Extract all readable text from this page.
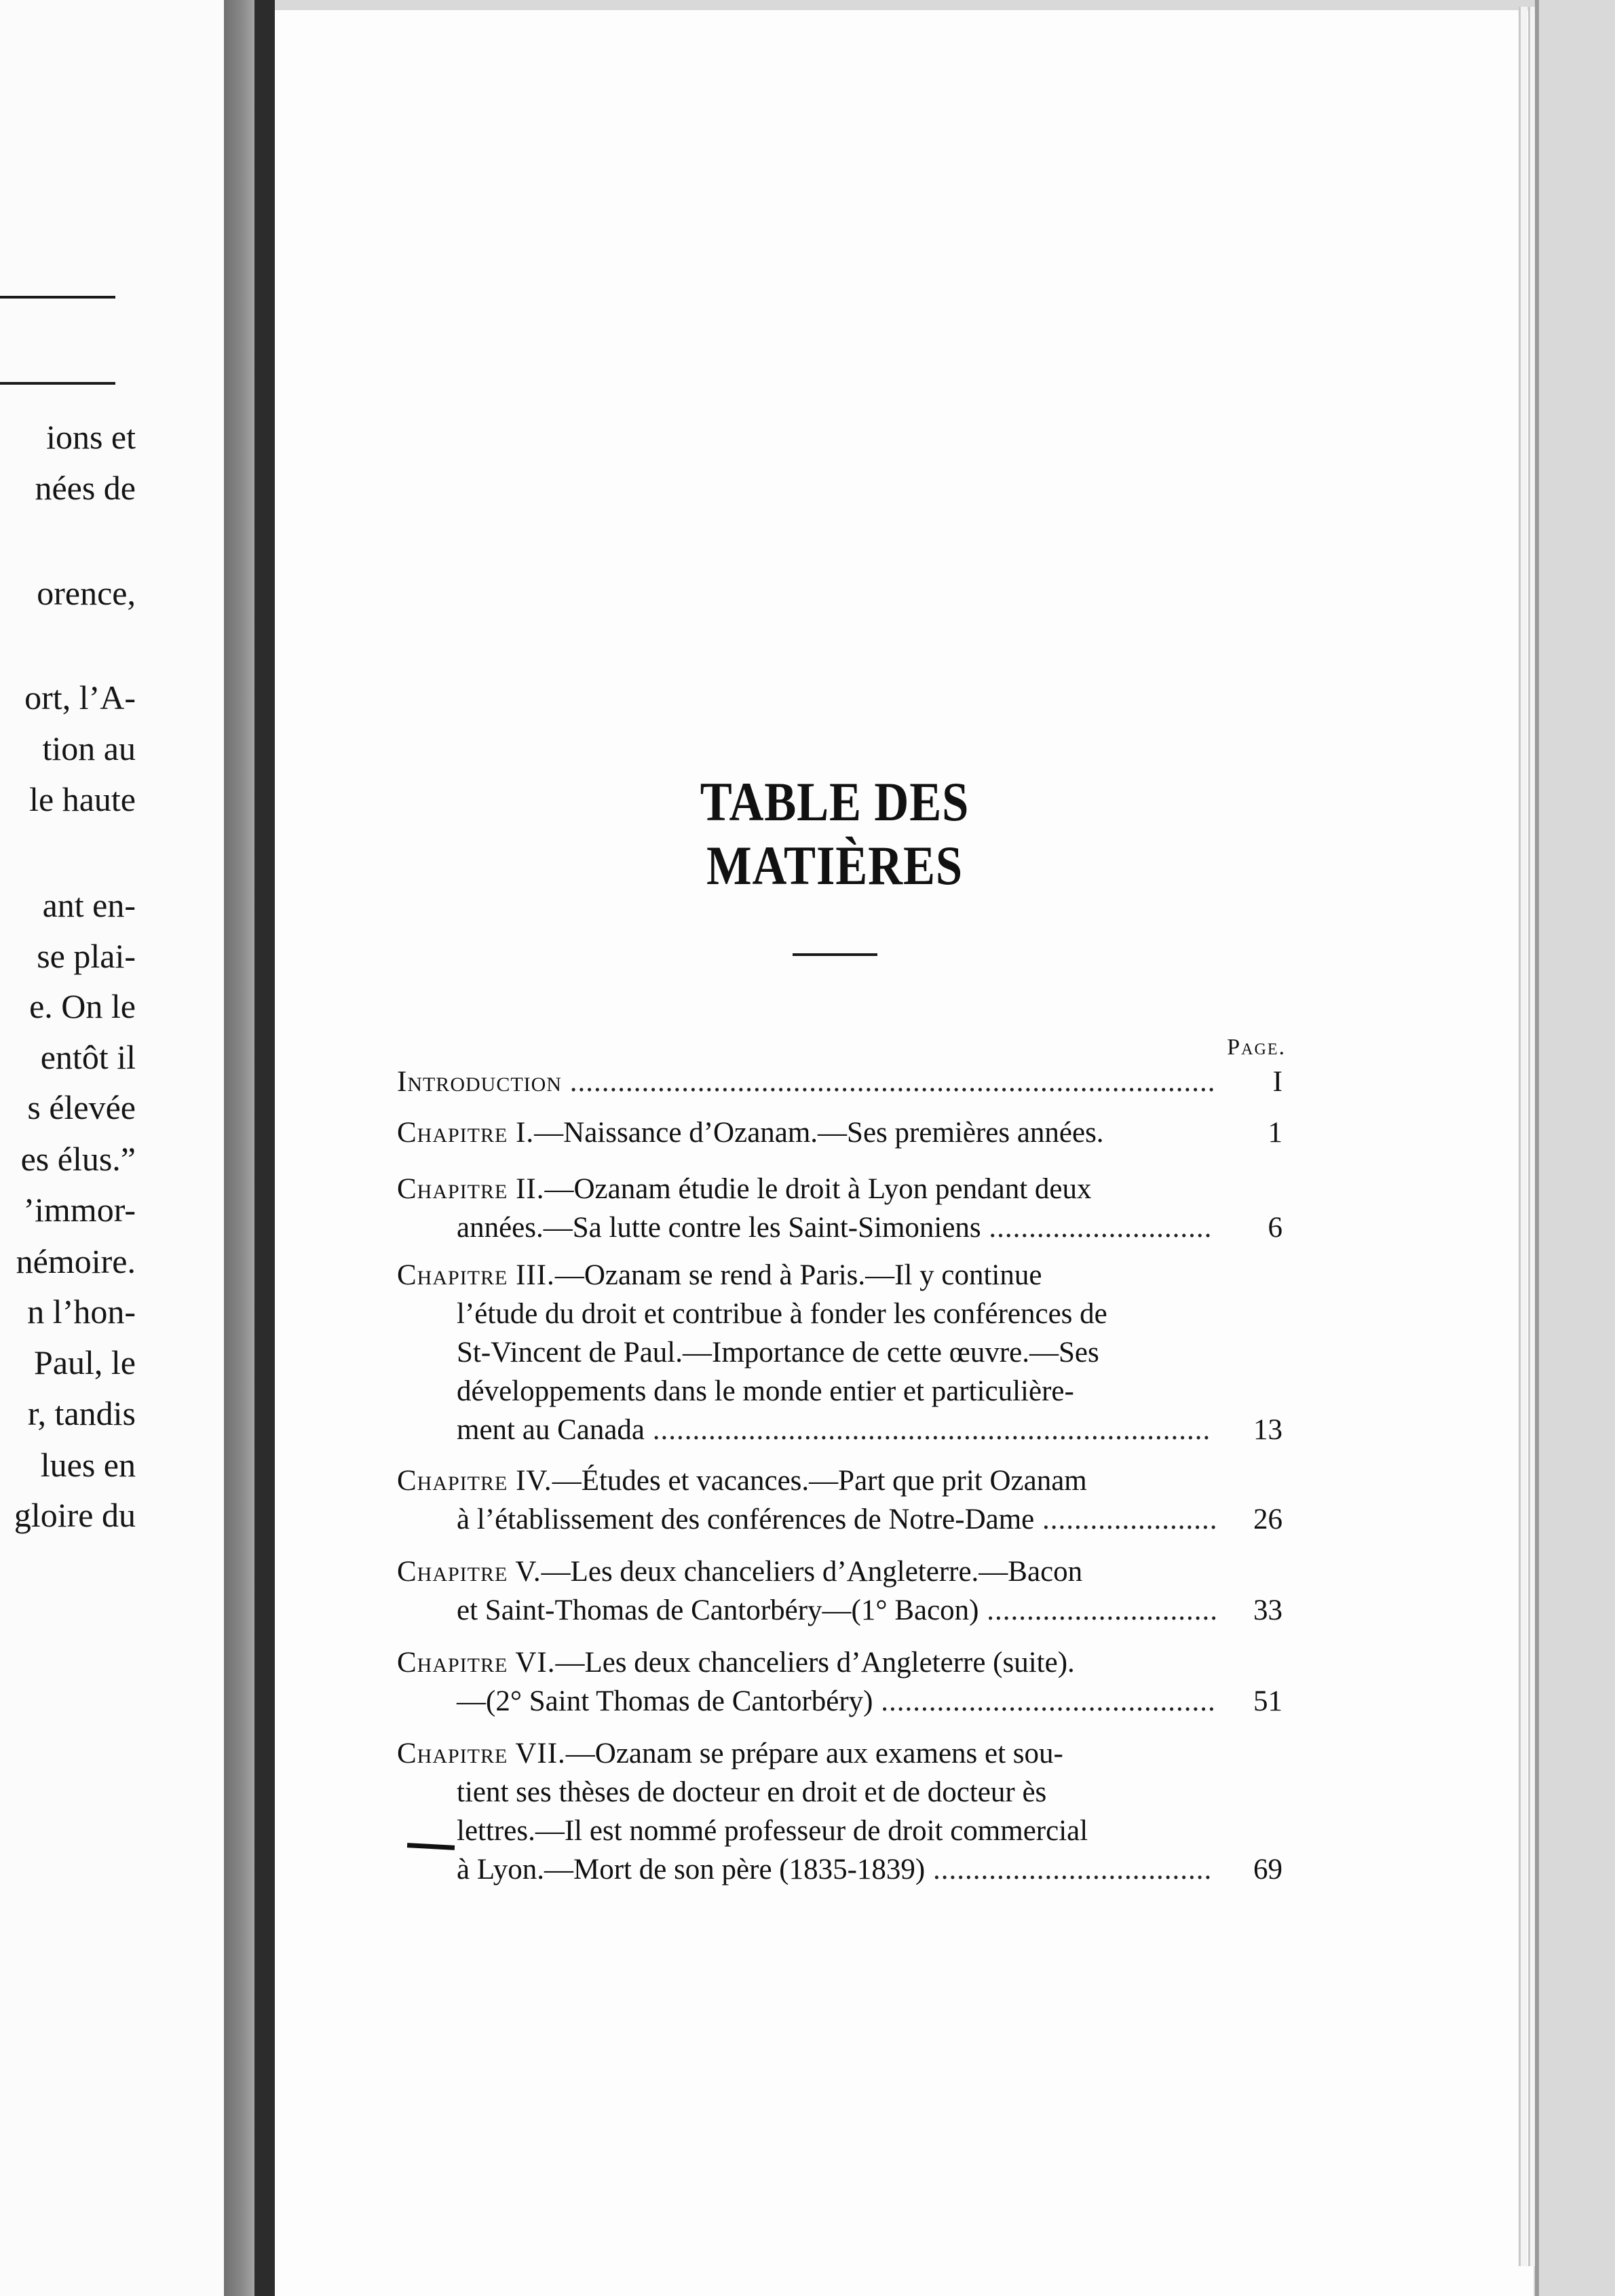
ions et
nées de
orence,
ort, l’A-
tion au
le haute
ant en-
se plai-
e. On le
entôt il
s élevée
es élus.”
’immor-
némoire.
n l’hon-
Paul, le
r, tandis
lues en
gloire du
TABLE DES MATIÈRES
Page.
Introduction ................................................................................. I
Chapitre I.—Naissance d’Ozanam.—Ses premières années.	1
Chapitre II.—Ozanam étudie le droit à Lyon pendant deux
années.—Sa lutte contre les Saint-Simoniens ............................ 6
Chapitre III.—Ozanam se rend à Paris.—Il y continue
l’étude du droit et contribue à fonder les conférences de
St-Vincent de Paul.—Importance de cette œuvre.—Ses
développements dans le monde entier et particulière-
ment au Canada ...................................................................... 13
Chapitre IV.—Études et vacances.—Part que prit Ozanam
à l’établissement des conférences de Notre-Dame ...................... 26
Chapitre V.—Les deux chanceliers d’Angleterre.—Bacon
et Saint-Thomas de Cantorbéry—(1° Bacon) ............................. 33
Chapitre VI.—Les deux chanceliers d’Angleterre (suite).
—(2° Saint Thomas de Cantorbéry) .......................................... 51
Chapitre VII.—Ozanam se prépare aux examens et sou-
tient ses thèses de docteur en droit et de docteur ès
lettres.—Il est nommé professeur de droit commercial
à Lyon.—Mort de son père (1835-1839) ................................... 69
